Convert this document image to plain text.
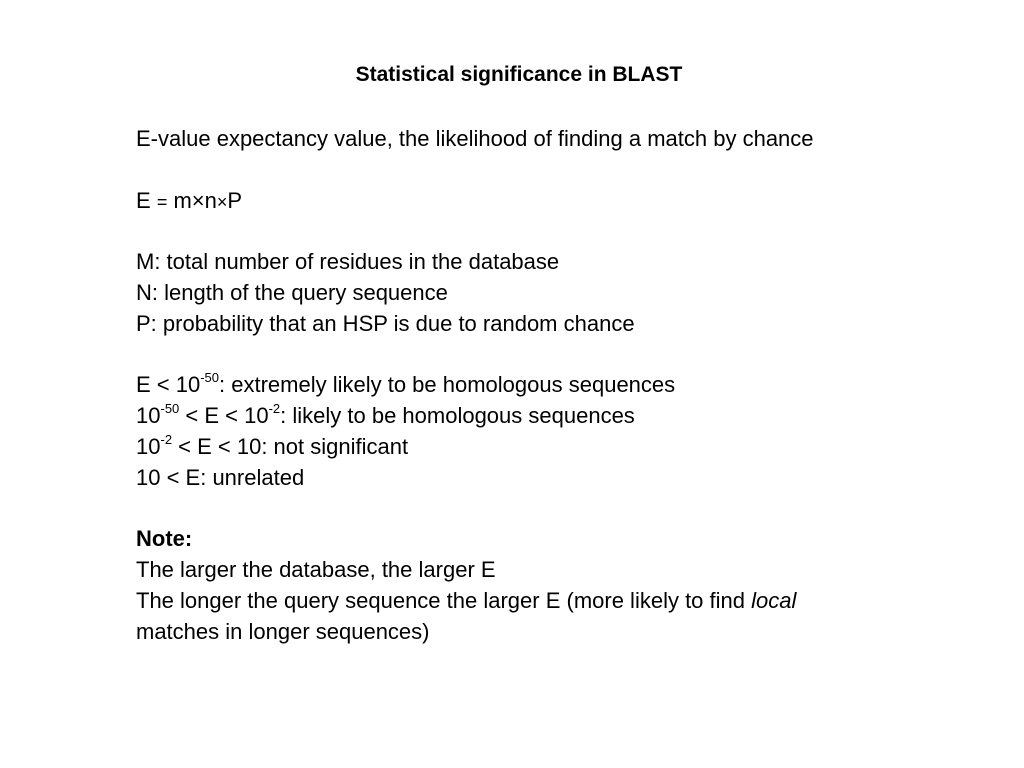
Statistical significance in BLAST
E-value expectancy value, the likelihood of finding a match by chance
E = m×n×P
M: total number of residues in the database
N: length of the query sequence
P: probability that an HSP is due to random chance
$E < 10^{-50}$: extremely likely to be homologous sequences
$10^{-50} < E < 10^{-2}$: likely to be homologous sequences
$10^{-2} < E < 10$: not significant
10 < E: unrelated
Note:
The larger the database, the larger E
The longer the query sequence the larger E (more likely to find local
matches in longer sequences)
